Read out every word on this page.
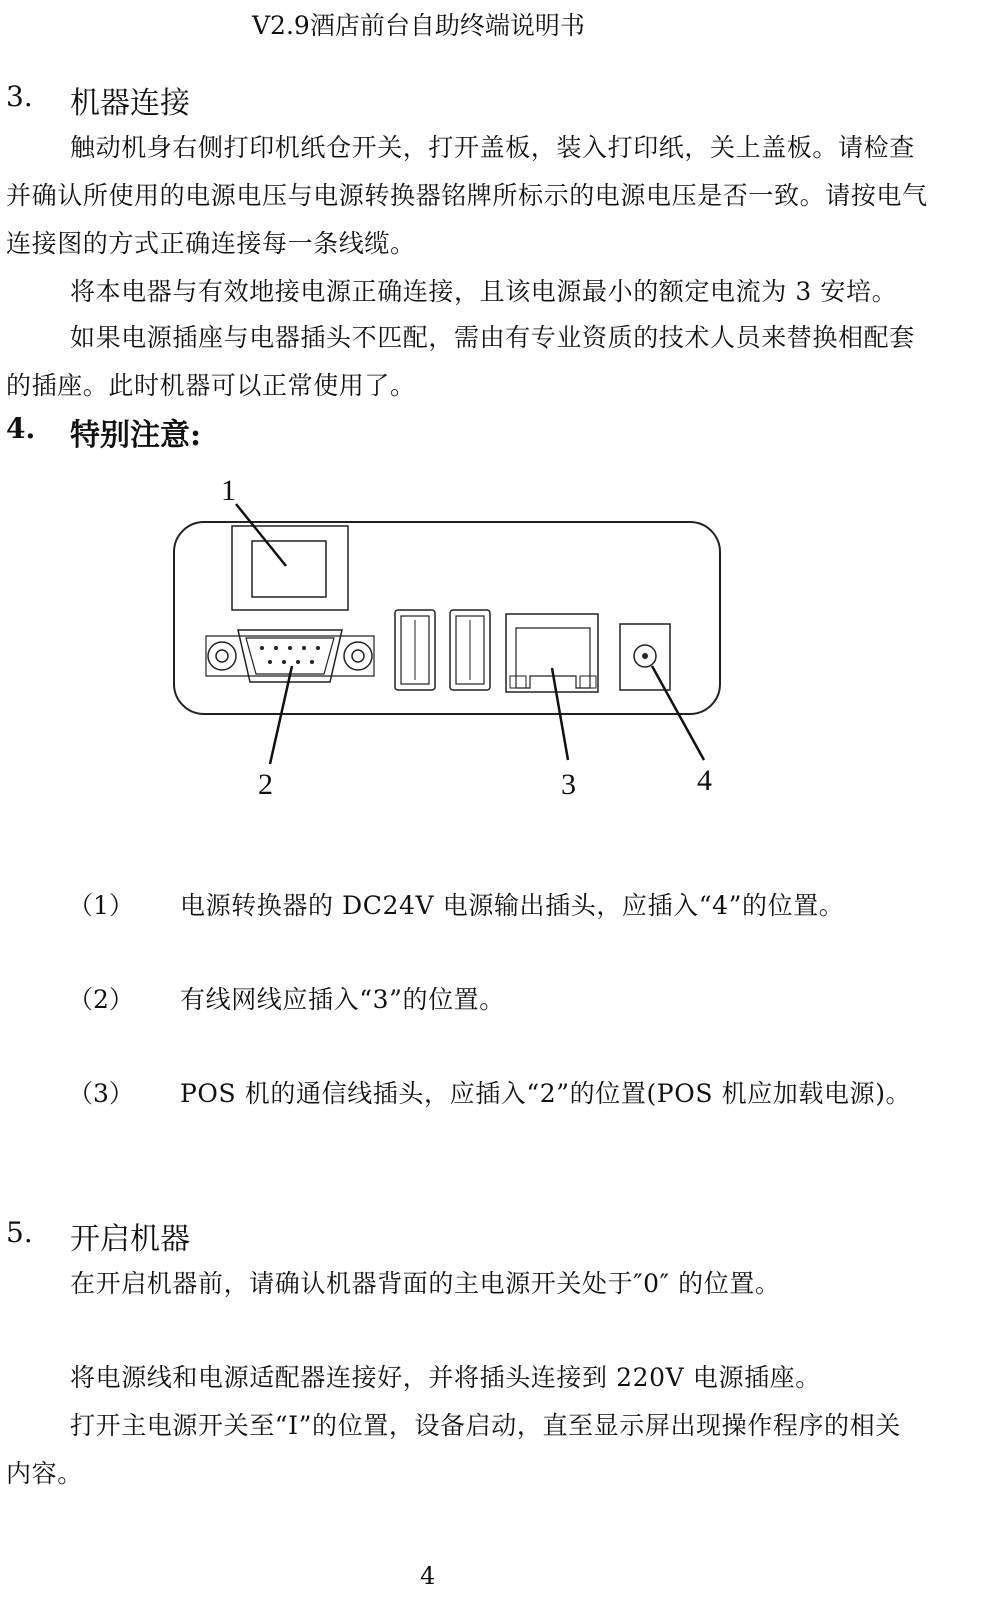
V2.9酒店前台自助终端说明书
3. 机器连接
触动机身右侧打印机纸仓开关，打开盖板，装入打印纸，关上盖板。请检查
并确认所使用的电源电压与电源转换器铭牌所标示的电源电压是否一致。请按电气
连接图的方式正确连接每一条线缆。
将本电器与有效地接电源正确连接，且该电源最小的额定电流为 3 安培。
如果电源插座与电器插头不匹配，需由有专业资质的技术人员来替换相配套
的插座。此时机器可以正常使用了。
4. 特别注意:
1
2	3	4
（1） 电源转换器的 DC24V 电源输出插头，应插入“4”的位置。
（2） 有线网线应插入“3”的位置。
（3） POS 机的通信线插头，应插入“2”的位置(POS 机应加载电源)。
5. 开启机器
在开启机器前，请确认机器背面的主电源开关处于″0″ 的位置。
将电源线和电源适配器连接好，并将插头连接到 220V 电源插座。
打开主电源开关至“I”的位置，设备启动，直至显示屏出现操作程序的相关
内容。
4
